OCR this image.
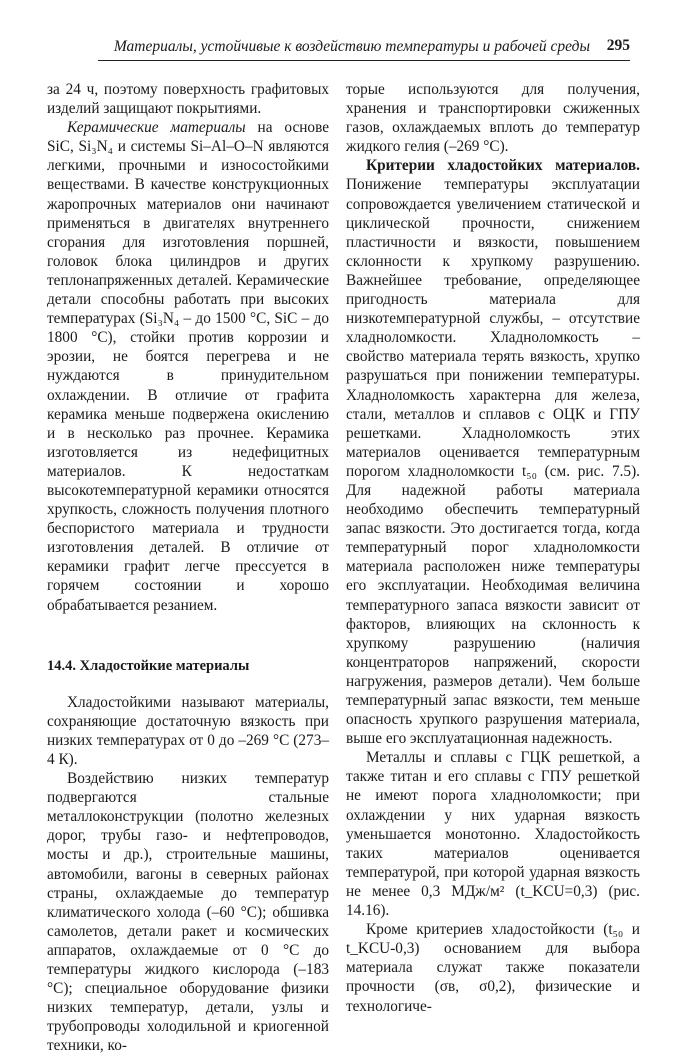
Материалы, устойчивые к воздействию температуры и рабочей среды 295

за 24 ч, поэтому поверхность графитовых изделий защищают покрытиями.

Керамические материалы на основе SiC, Si₃N₄ и системы Si–Al–O–N являются легкими, прочными и износостойкими веществами. В качестве конструкционных жаропрочных материалов они начинают применяться в двигателях внутреннего сгорания для изготовления поршней, головок блока цилиндров и других теплонапряженных деталей. Керамические детали способны работать при высоких температурах (Si₃N₄ – до 1500 °C, SiC – до 1800 °C), стойки против коррозии и эрозии, не боятся перегрева и не нуждаются в принудительном охлаждении. В отличие от графита керамика меньше подвержена окислению и в несколько раз прочнее. Керамика изготовляется из недефицитных материалов. К недостаткам высокотемпературной керамики относятся хрупкость, сложность получения плотного беспористого материала и трудности изготовления деталей. В отличие от керамики графит легче прессуется в горячем состоянии и хорошо обрабатывается резанием.

14.4. Хладостойкие материалы

Хладостойкими называют материалы, сохраняющие достаточную вязкость при низких температурах от 0 до –269 °C (273–4 К).

Воздействию низких температур подвергаются стальные металлоконструкции (полотно железных дорог, трубы газо- и нефтепроводов, мосты и др.), строительные машины, автомобили, вагоны в северных районах страны, охлаждаемые до температур климатического холода (–60 °C); обшивка самолетов, детали ракет и космических аппаратов, охлаждаемые от 0 °C до температуры жидкого кислорода (–183 °C); специальное оборудование физики низких температур, детали, узлы и трубопроводы холодильной и криогенной техники, ко-

торые используются для получения, хранения и транспортировки сжиженных газов, охлаждаемых вплоть до температур жидкого гелия (–269 °C).

Критерии хладостойких материалов. Понижение температуры эксплуатации сопровождается увеличением статической и циклической прочности, снижением пластичности и вязкости, повышением склонности к хрупкому разрушению. Важнейшее требование, определяющее пригодность материала для низкотемпературной службы, – отсутствие хладноломкости. Хладноломкость – свойство материала терять вязкость, хрупко разрушаться при понижении температуры. Хладноломкость характерна для железа, стали, металлов и сплавов с ОЦК и ГПУ решетками. Хладноломкость этих материалов оценивается температурным порогом хладноломкости t₅₀ (см. рис. 7.5). Для надежной работы материала необходимо обеспечить температурный запас вязкости. Это достигается тогда, когда температурный порог хладноломкости материала расположен ниже температуры его эксплуатации. Необходимая величина температурного запаса вязкости зависит от факторов, влияющих на склонность к хрупкому разрушению (наличия концентраторов напряжений, скорости нагружения, размеров детали). Чем больше температурный запас вязкости, тем меньше опасность хрупкого разрушения материала, выше его эксплуатационная надежность.

Металлы и сплавы с ГЦК решеткой, а также титан и его сплавы с ГПУ решеткой не имеют порога хладноломкости; при охлаждении у них ударная вязкость уменьшается монотонно. Хладостойкость таких материалов оценивается температурой, при которой ударная вязкость не менее 0,3 МДж/м² (t_KCU=0,3) (рис. 14.16).

Кроме критериев хладостойкости (t₅₀ и t_KCU-0,3) основанием для выбора материала служат также показатели прочности (σв, σ0,2), физические и технологиче-
